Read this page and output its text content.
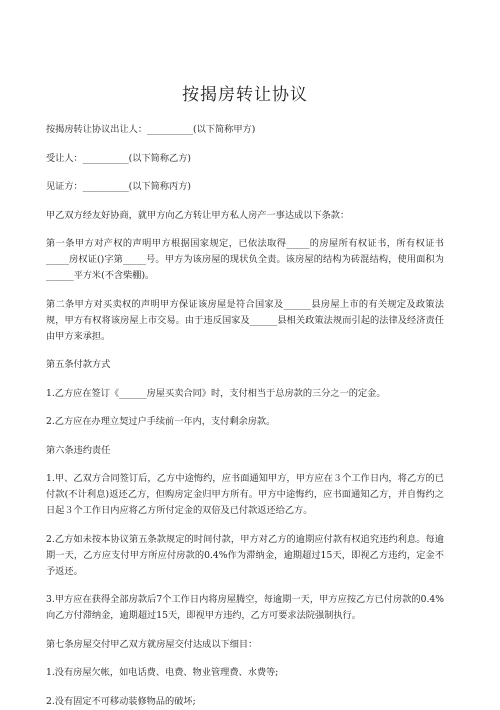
按揭房转让协议

按揭房转让协议出让人：__________(以下简称甲方)

受让人：__________(以下简称乙方)

见证方：__________(以下简称丙方)

甲乙双方经友好协商，就甲方向乙方转让甲方私人房产一事达成以下条款：

第一条甲方对产权的声明甲方根据国家规定，已依法取得_____的房屋所有权证书，所有权证书_____房权证()字第_____号。甲方为该房屋的现状负全责。该房屋的结构为砖混结构，使用面积为______平方米(不含柴棚)。

第二条甲方对买卖权的声明甲方保证该房屋是符合国家及______县房屋上市的有关规定及政策法规，甲方有权将该房屋上市交易。由于违反国家及______县相关政策法规而引起的法律及经济责任由甲方来承担。

第五条付款方式

1.乙方应在签订《______房屋买卖合同》时，支付相当于总房款的三分之一的定金。

2.乙方应在办理立契过户手续前一年内，支付剩余房款。

第六条违约责任

1.甲、乙双方合同签订后，乙方中途悔约，应书面通知甲方，甲方应在３个工作日内，将乙方的已付款(不计利息)返还乙方，但购房定金归甲方所有。甲方中途悔约，应书面通知乙方，并自悔约之日起３个工作日内应将乙方所付定金的双倍及已付款返还给乙方。

2.乙方如未按本协议第五条款规定的时间付款，甲方对乙方的逾期应付款有权追究违约利息。每逾期一天，乙方应支付甲方所应付房款的0.4%作为滞纳金，逾期超过15天，即视乙方违约，定金不予返还。

3.甲方应在获得全部房款后7个工作日内将房屋腾空，每逾期一天，甲方应按乙方已付房款的0.4%向乙方付滞纳金，逾期超过15天，即视甲方违约，乙方可要求法院强制执行。

第七条房屋交付甲乙双方就房屋交付达成以下细目：

1.没有房屋欠帐，如电话费、电费、物业管理费、水费等;

2.没有固定不可移动装修物品的破坏;
